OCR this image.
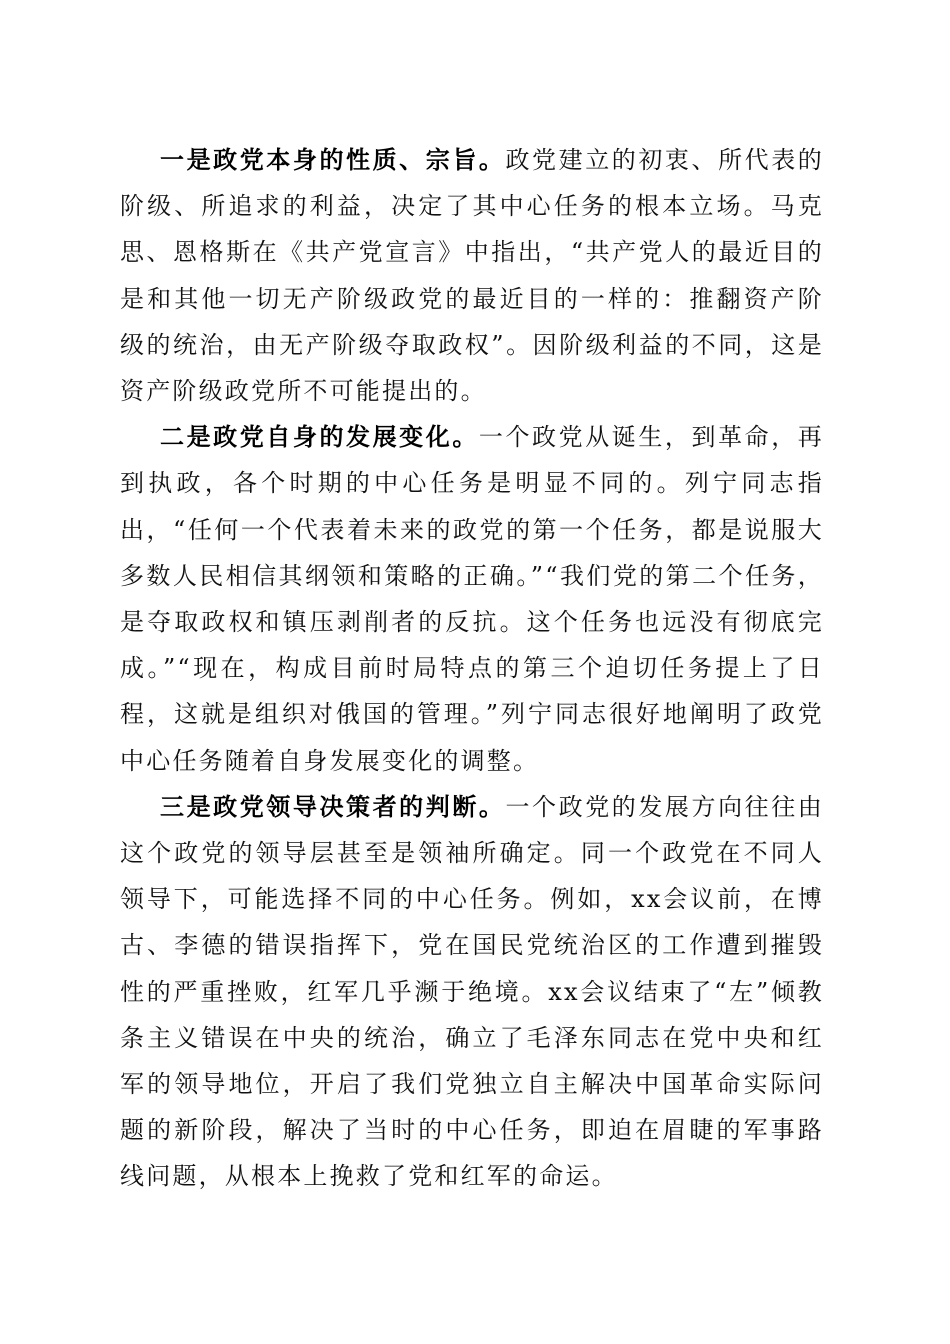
一是政党本身的性质、宗旨。政党建立的初衷、所代表的阶级、所追求的利益，决定了其中心任务的根本立场。马克思、恩格斯在《共产党宣言》中指出，“共产党人的最近目的是和其他一切无产阶级政党的最近目的一样的：推翻资产阶级的统治，由无产阶级夺取政权”。因阶级利益的不同，这是资产阶级政党所不可能提出的。

二是政党自身的发展变化。一个政党从诞生，到革命，再到执政，各个时期的中心任务是明显不同的。列宁同志指出，“任何一个代表着未来的政党的第一个任务，都是说服大多数人民相信其纲领和策略的正确。”“我们党的第二个任务，是夺取政权和镇压剥削者的反抗。这个任务也远没有彻底完成。”“现在，构成目前时局特点的第三个迫切任务提上了日程，这就是组织对俄国的管理。”列宁同志很好地阐明了政党中心任务随着自身发展变化的调整。

三是政党领导决策者的判断。一个政党的发展方向往往由这个政党的领导层甚至是领袖所确定。同一个政党在不同人领导下，可能选择不同的中心任务。例如，xx会议前，在博古、李德的错误指挥下，党在国民党统治区的工作遭到摧毁性的严重挫败，红军几乎濒于绝境。xx会议结束了“左”倾教条主义错误在中央的统治，确立了毛泽东同志在党中央和红军的领导地位，开启了我们党独立自主解决中国革命实际问题的新阶段，解决了当时的中心任务，即迫在眉睫的军事路线问题，从根本上挽救了党和红军的命运。
